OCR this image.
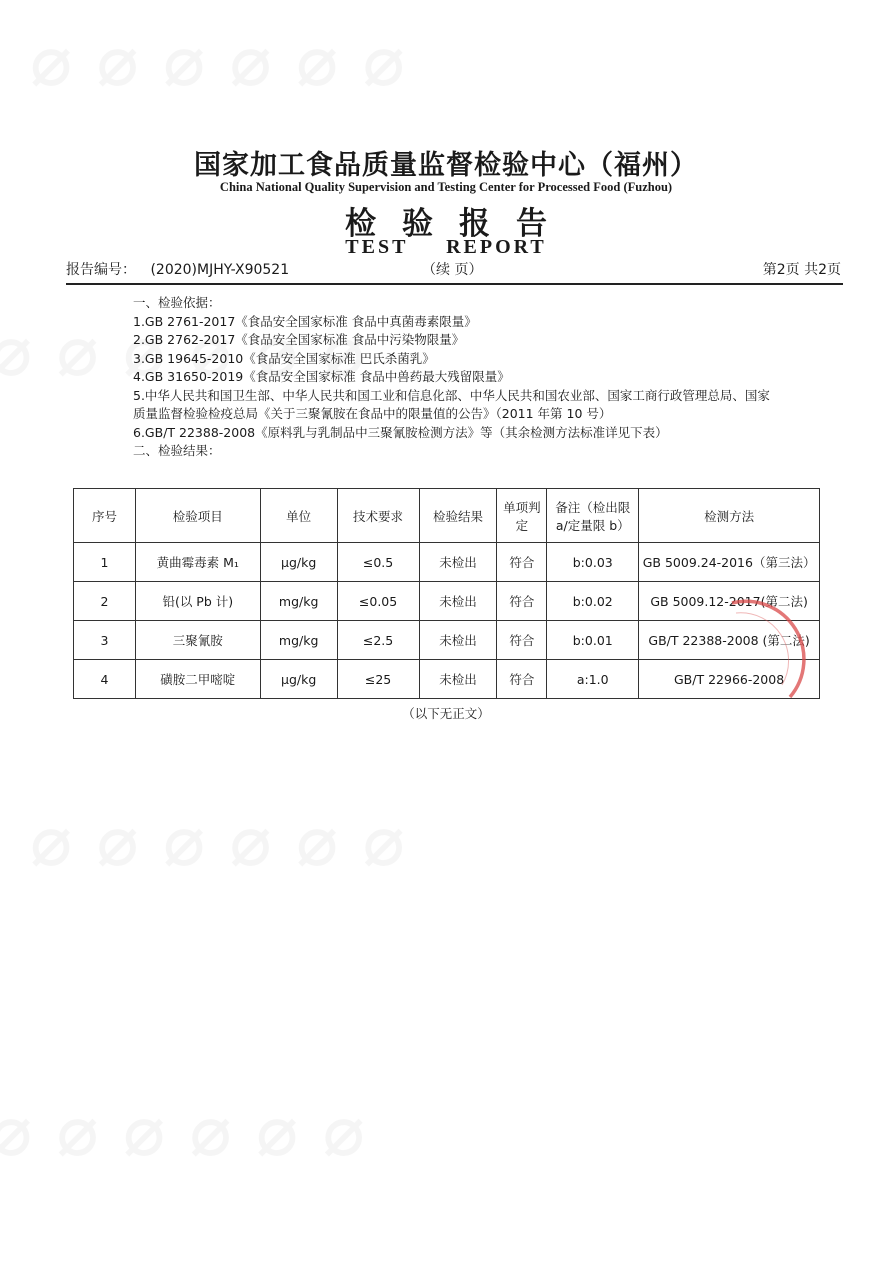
国家加工食品质量监督检验中心（福州）
China National Quality Supervision and Testing Center for Processed Food (Fuzhou)
检验报告
TEST REPORT
报告编号： (2020)MJHY-X90521	（续 页）	第2页 共2页
一、检验依据：
1.GB 2761-2017《食品安全国家标准 食品中真菌毒素限量》
2.GB 2762-2017《食品安全国家标准 食品中污染物限量》
3.GB 19645-2010《食品安全国家标准 巴氏杀菌乳》
4.GB 31650-2019《食品安全国家标准 食品中兽药最大残留限量》
5.中华人民共和国卫生部、中华人民共和国工业和信息化部、中华人民共和国农业部、国家工商行政管理总局、国家质量监督检验检疫总局《关于三聚氰胺在食品中的限量值的公告》（2011 年第 10 号）
6.GB/T 22388-2008《原料乳与乳制品中三聚氰胺检测方法》等（其余检测方法标准详见下表）
二、检验结果：
序号	检验项目	单位	技术要求	检验结果	单项判定	备注（检出限 a/定量限 b）	检测方法
1	黄曲霉毒素 M₁	μg/kg	≤0.5	未检出	符合	b:0.03	GB 5009.24-2016（第三法）
2	铅(以 Pb 计)	mg/kg	≤0.05	未检出	符合	b:0.02	GB 5009.12-2017(第二法)
3	三聚氰胺	mg/kg	≤2.5	未检出	符合	b:0.01	GB/T 22388-2008 (第二法)
4	磺胺二甲嘧啶	μg/kg	≤25	未检出	符合	a:1.0	GB/T 22966-2008
（以下无正文）
